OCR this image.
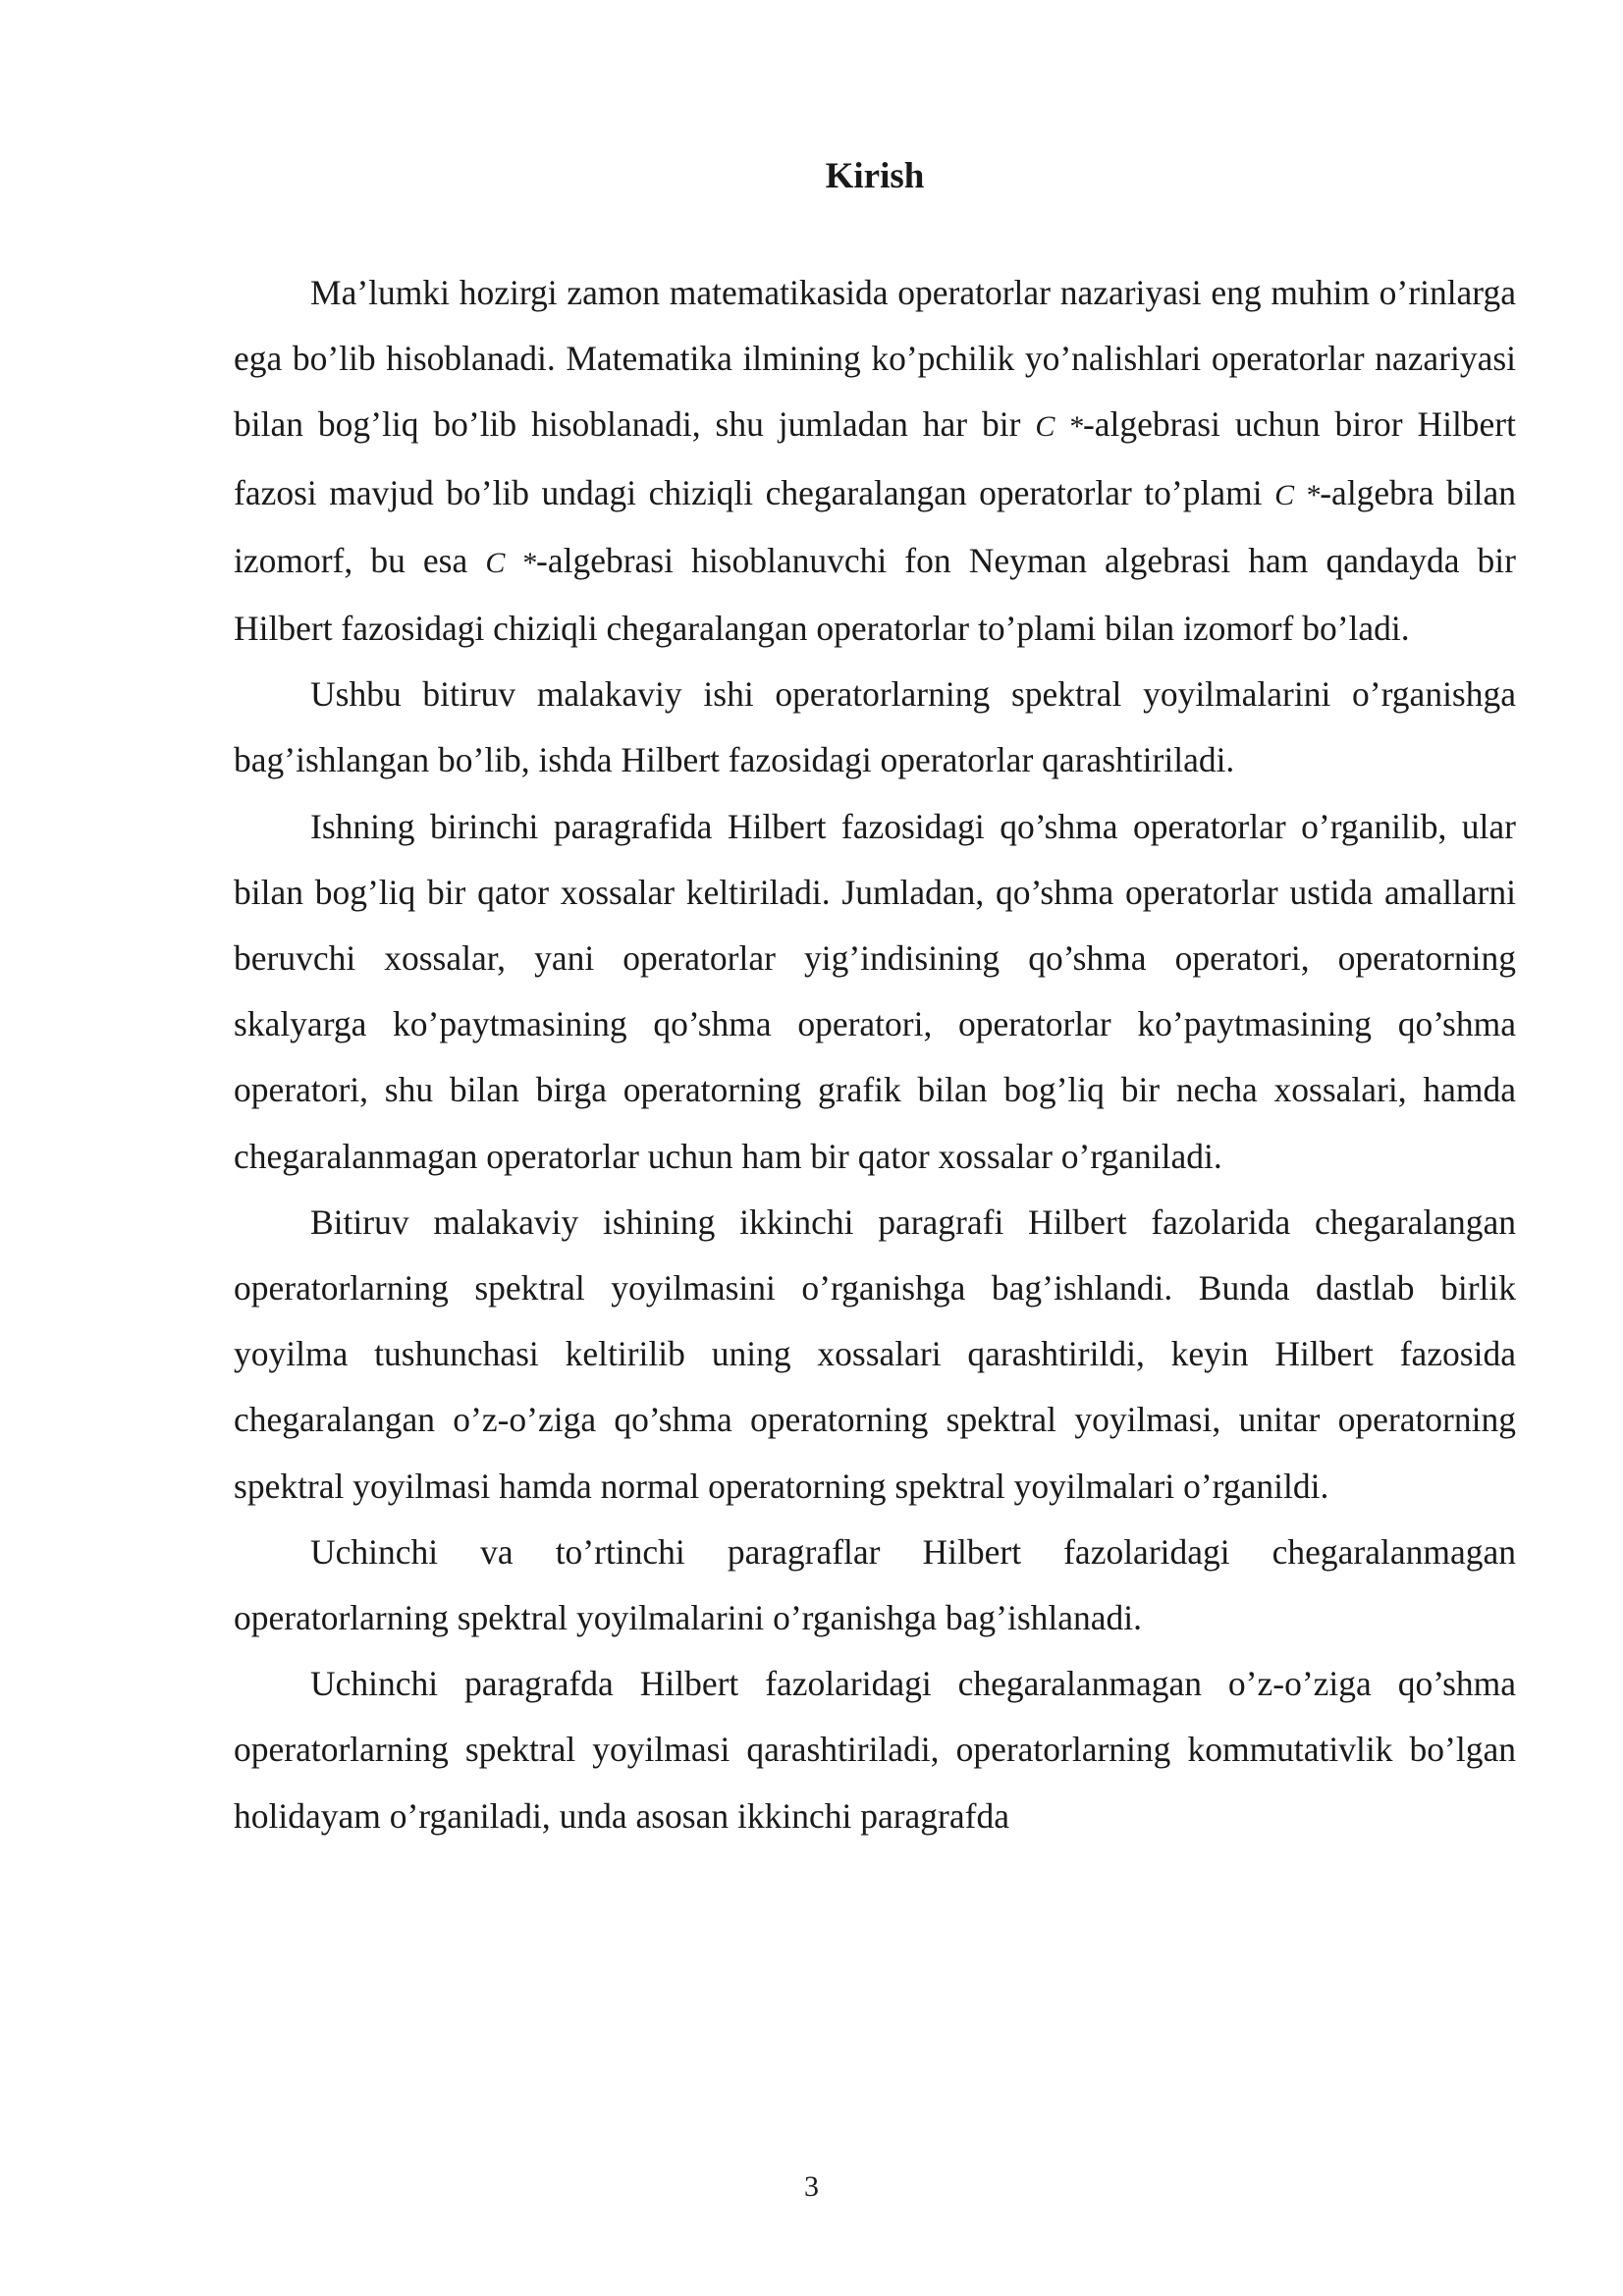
Kirish

Ma’lumki hozirgi zamon matematikasida operatorlar nazariyasi eng muhim o’rinlarga ega bo’lib hisoblanadi. Matematika ilmining ko’pchilik yo’nalishlari operatorlar nazariyasi bilan bog’liq bo’lib hisoblanadi, shu jumladan har bir C *-algebrasi uchun biror Hilbert fazosi mavjud bo’lib undagi chiziqli chegaralangan operatorlar to’plami C *-algebra bilan izomorf, bu esa C *-algebrasi hisoblanuvchi fon Neyman algebrasi ham qandayda bir Hilbert fazosidagi chiziqli chegaralangan operatorlar to’plami bilan izomorf bo’ladi.

Ushbu bitiruv malakaviy ishi operatorlarning spektral yoyilmalarini o’rganishga bag’ishlangan bo’lib, ishda Hilbert fazosidagi operatorlar qarashtiriladi.

Ishning birinchi paragrafida Hilbert fazosidagi qo’shma operatorlar o’rganilib, ular bilan bog’liq bir qator xossalar keltiriladi. Jumladan, qo’shma operatorlar ustida amallarni beruvchi xossalar, yani operatorlar yig’indisining qo’shma operatori, operatorning skalyarga ko’paytmasining qo’shma operatori, operatorlar ko’paytmasining qo’shma operatori, shu bilan birga operatorning grafik bilan bog’liq bir necha xossalari, hamda chegaralanmagan operatorlar uchun ham bir qator xossalar o’rganiladi.

Bitiruv malakaviy ishining ikkinchi paragrafi Hilbert fazolarida chegaralangan operatorlarning spektral yoyilmasini o’rganishga bag’ishlandi. Bunda dastlab birlik yoyilma tushunchasi keltirilib uning xossalari qarashtirildi, keyin Hilbert fazosida chegaralangan o’z-o’ziga qo’shma operatorning spektral yoyilmasi, unitar operatorning spektral yoyilmasi hamda normal operatorning spektral yoyilmalari o’rganildi.

Uchinchi va to’rtinchi paragraflar Hilbert fazolaridagi chegaralanmagan operatorlarning spektral yoyilmalarini o’rganishga bag’ishlanadi.

Uchinchi paragrafda Hilbert fazolaridagi chegaralanmagan o’z-o’ziga qo’shma operatorlarning spektral yoyilmasi qarashtiriladi, operatorlarning kommutativlik bo’lgan holidayam o’rganiladi, unda asosan ikkinchi paragrafda

3
